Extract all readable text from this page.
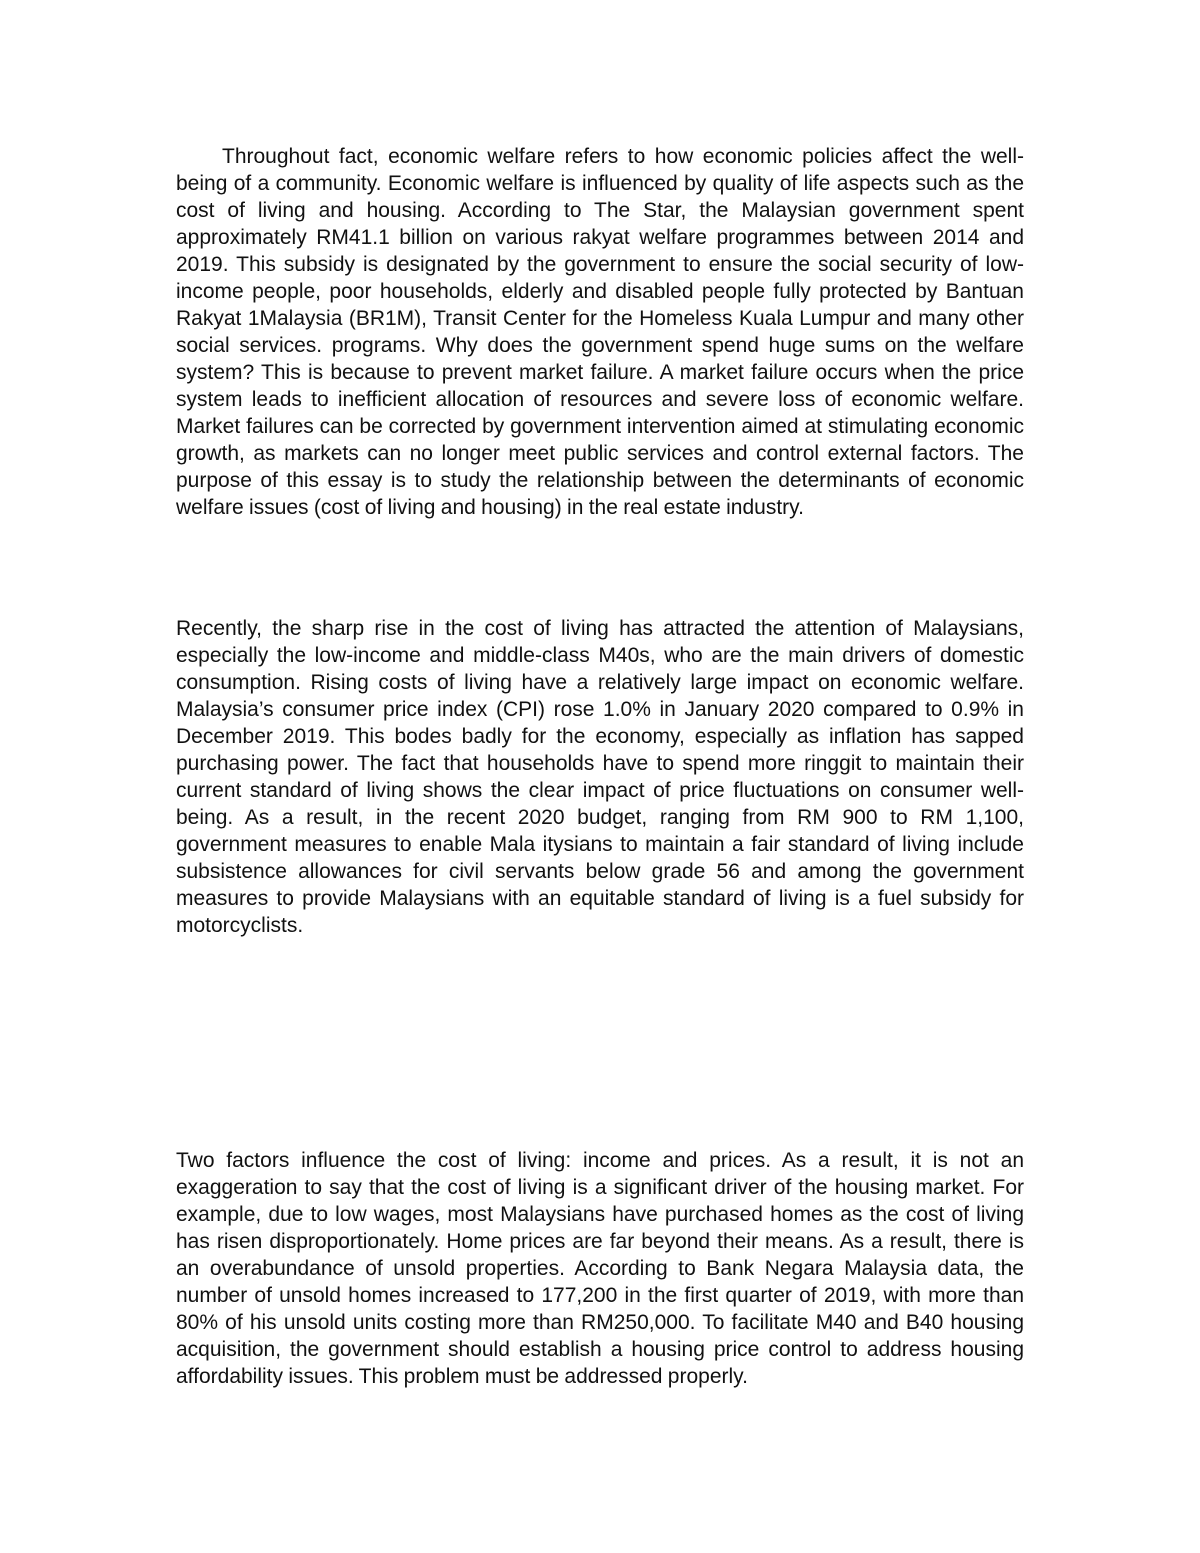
Throughout fact, economic welfare refers to how economic policies affect the well-being of a community. Economic welfare is influenced by quality of life aspects such as the cost of living and housing. According to The Star, the Malaysian government spent approximately RM41.1 billion on various rakyat welfare programmes between 2014 and 2019. This subsidy is designated by the government to ensure the social security of low-income people, poor households, elderly and disabled people fully protected by Bantuan Rakyat 1Malaysia (BR1M), Transit Center for the Homeless Kuala Lumpur and many other social services. programs. Why does the government spend huge sums on the welfare system? This is because to prevent market failure. A market failure occurs when the price system leads to inefficient allocation of resources and severe loss of economic welfare. Market failures can be corrected by government intervention aimed at stimulating economic growth, as markets can no longer meet public services and control external factors. The purpose of this essay is to study the relationship between the determinants of economic welfare issues (cost of living and housing) in the real estate industry.

Recently, the sharp rise in the cost of living has attracted the attention of Malaysians, especially the low-income and middle-class M40s, who are the main drivers of domestic consumption. Rising costs of living have a relatively large impact on economic welfare. Malaysia’s consumer price index (CPI) rose 1.0% in January 2020 compared to 0.9% in December 2019. This bodes badly for the economy, especially as inflation has sapped purchasing power. The fact that households have to spend more ringgit to maintain their current standard of living shows the clear impact of price fluctuations on consumer well-being. As a result, in the recent 2020 budget, ranging from RM 900 to RM 1,100, government measures to enable Mala itysians to maintain a fair standard of living include subsistence allowances for civil servants below grade 56 and among the government measures to provide Malaysians with an equitable standard of living is a fuel subsidy for motorcyclists.

Two factors influence the cost of living: income and prices. As a result, it is not an exaggeration to say that the cost of living is a significant driver of the housing market. For example, due to low wages, most Malaysians have purchased homes as the cost of living has risen disproportionately. Home prices are far beyond their means. As a result, there is an overabundance of unsold properties. According to Bank Negara Malaysia data, the number of unsold homes increased to 177,200 in the first quarter of 2019, with more than 80% of his unsold units costing more than RM250,000. To facilitate M40 and B40 housing acquisition, the government should establish a housing price control to address housing affordability issues. This problem must be addressed properly.
